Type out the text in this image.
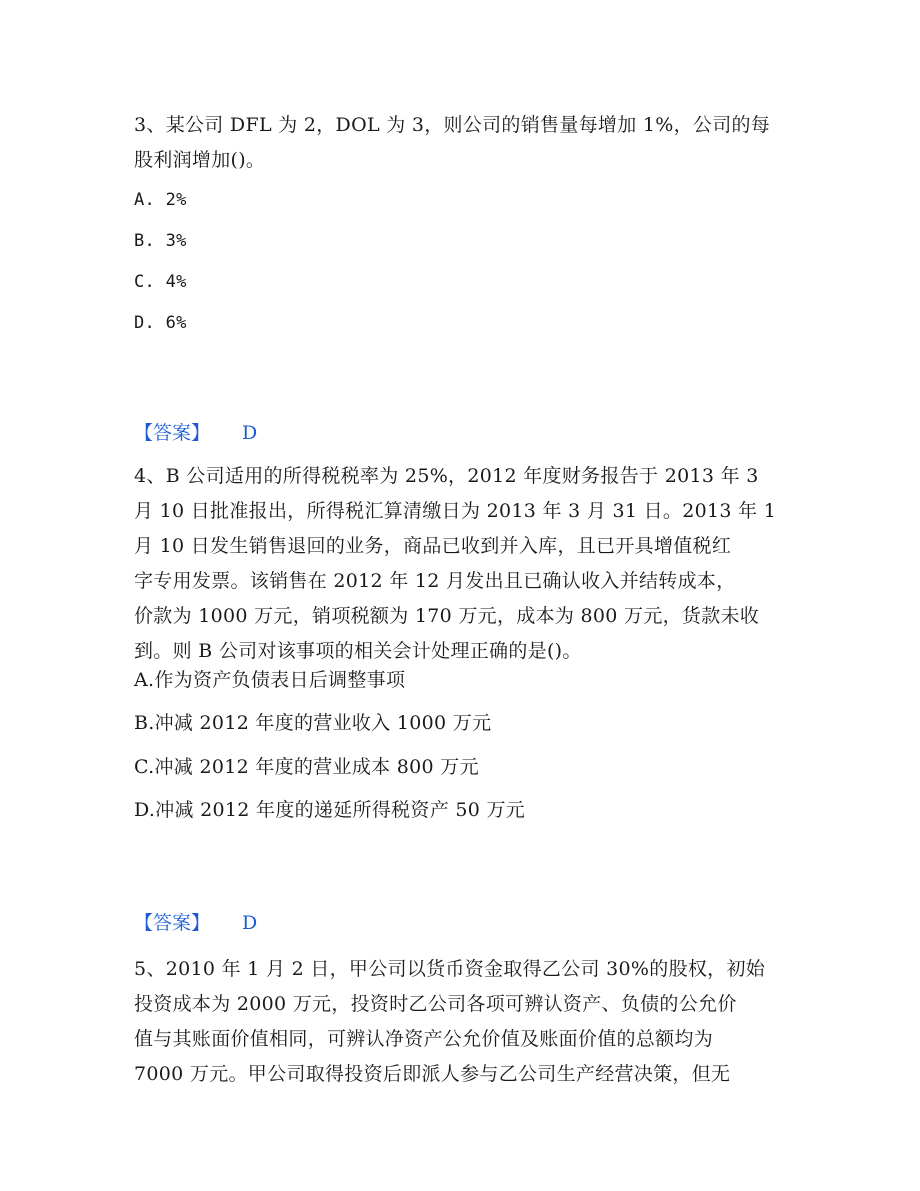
3、某公司 DFL 为 2，DOL 为 3，则公司的销售量每增加 1%，公司的每
股利润增加()。
A. 2%
B. 3%
C. 4%
D. 6%
【答案】 D
4、B 公司适用的所得税税率为 25%，2012 年度财务报告于 2013 年 3
月 10 日批准报出，所得税汇算清缴日为 2013 年 3 月 31 日。2013 年 1
月 10 日发生销售退回的业务，商品已收到并入库，且已开具增值税红
字专用发票。该销售在 2012 年 12 月发出且已确认收入并结转成本，
价款为 1000 万元，销项税额为 170 万元，成本为 800 万元，货款未收
到。则 B 公司对该事项的相关会计处理正确的是()。
A.作为资产负债表日后调整事项
B.冲减 2012 年度的营业收入 1000 万元
C.冲减 2012 年度的营业成本 800 万元
D.冲减 2012 年度的递延所得税资产 50 万元
【答案】 D
5、2010 年 1 月 2 日，甲公司以货币资金取得乙公司 30%的股权，初始
投资成本为 2000 万元，投资时乙公司各项可辨认资产、负债的公允价
值与其账面价值相同，可辨认净资产公允价值及账面价值的总额均为
7000 万元。甲公司取得投资后即派人参与乙公司生产经营决策，但无
